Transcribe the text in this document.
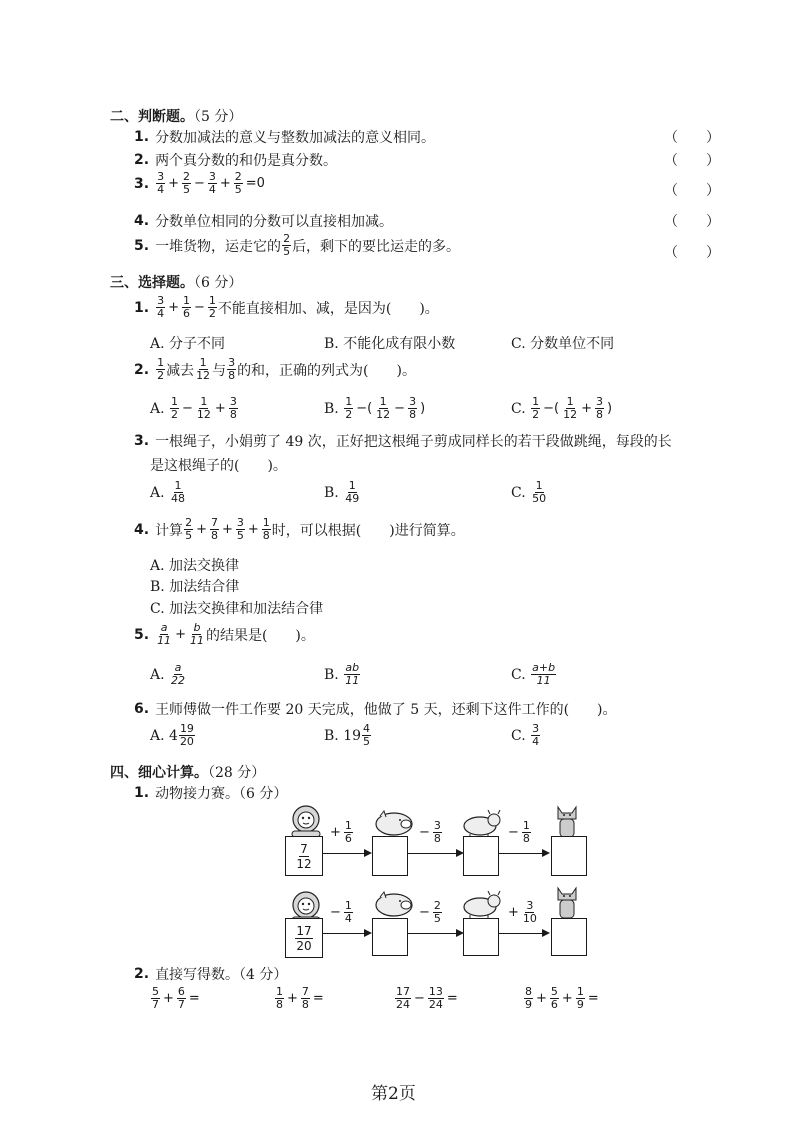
二、判断题。（5 分）
1. 分数加减法的意义与整数加减法的意义相同。	（　　）
2. 两个真分数的和仍是真分数。	（　　）
3. $\frac{3}{4} + \frac{2}{5} - \frac{3}{4} + \frac{2}{5} =0$	（　　）
4. 分数单位相同的分数可以直接相加减。	（　　）
5. 一堆货物，运走它的 $\frac{2}{5}$ 后，剩下的要比运走的多。	（　　）
三、选择题。（6 分）
1. $\frac{3}{4} + \frac{1}{6} - \frac{1}{2}$ 不能直接相加、减，是因为(　　)。
A. 分子不同	B. 不能化成有限小数	C. 分数单位不同
2. $\frac{1}{2}$ 减去 $\frac{1}{12}$ 与 $\frac{3}{8}$ 的和，正确的列式为(　　)。
A.
$\frac{1}{2} - \frac{1}{12} + \frac{3}{8}$	B.
$\frac{1}{2}$ −( $\frac{1}{12} - \frac{3}{8}$ )	C.
$\frac{1}{2}$ −( $\frac{1}{12} + \frac{3}{8}$ )
3. 一根绳子，小娟剪了 49 次，正好把这根绳子剪成同样长的若干段做跳绳，每段的长
是这根绳子的(　　)。
A.
$\frac{1}{48}$	B.
$\frac{1}{49}$	C.
$\frac{1}{50}$
4. 计算 $\frac{2}{5} + \frac{7}{8} + \frac{3}{5} + \frac{1}{8}$ 时，可以根据(　　)进行简算。
A. 加法交换律
B. 加法结合律
C. 加法交换律和加法结合律
5. $\frac{a}{11} + \frac{b}{11}$ 的结果是(　　)。
A.
$\frac{a}{22}$	B.
$\frac{ab}{11}$	C.
$\frac{a+b}{11}$
6. 王师傅做一件工作要 20 天完成，他做了 5 天，还剩下这件工作的(　　)。
A.
$4 \frac{19}{20}$	B.
$19 \frac{4}{5}$	C.
$\frac{3}{4}$
四、细心计算。（28 分）
1. 动物接力赛。（6 分）
$\frac{7}{12}$
+ $\frac{1}{6}$	− $\frac{3}{8}$	− $\frac{1}{8}$
$\frac{17}{20}$
− $\frac{1}{4}$	− $\frac{2}{5}$	+ $\frac{3}{10}$
2. 直接写得数。（4 分）
$\frac{5}{7} + \frac{6}{7}$ =	$\frac{1}{8} + \frac{7}{8}$ =	$\frac{17}{24} - \frac{13}{24}$ =	$\frac{8}{9} + \frac{5}{6} + \frac{1}{9}$ =
第2页
